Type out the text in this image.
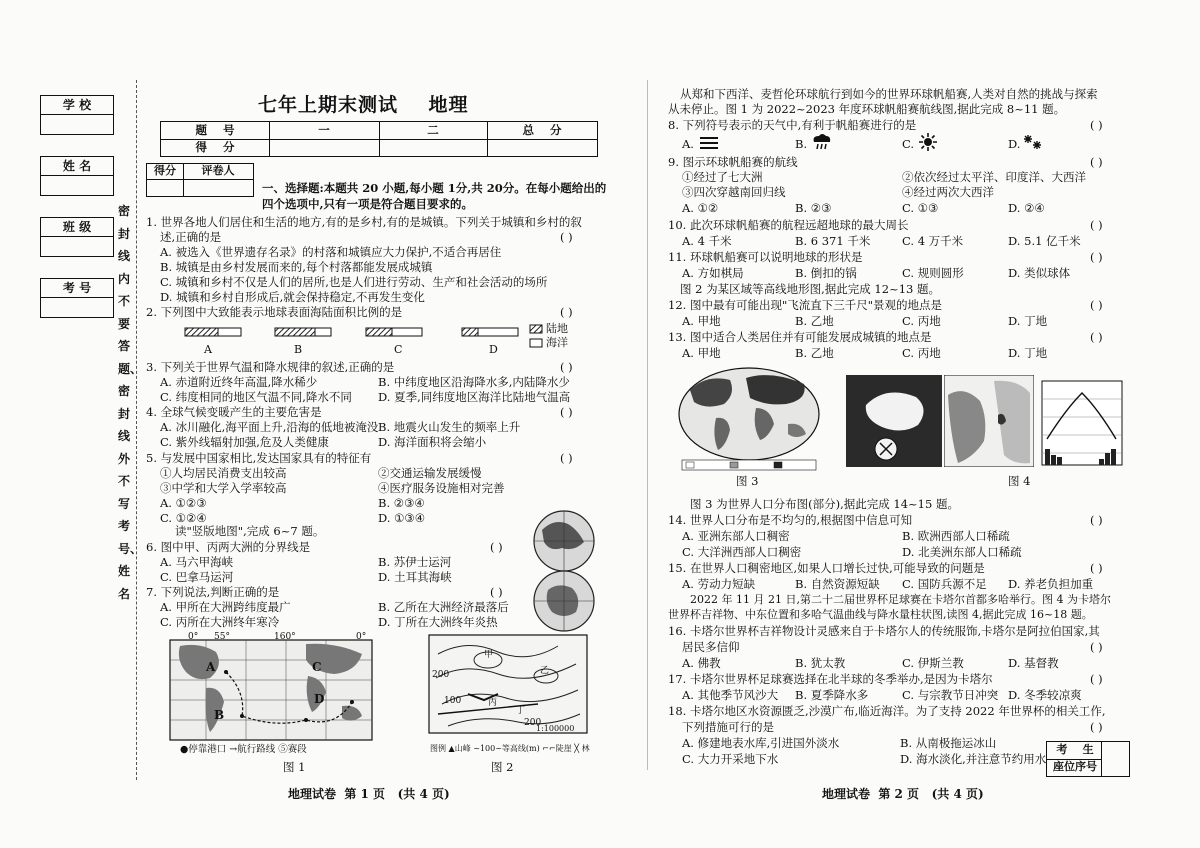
学 校
姓 名
班 级
考 号
密封线内不要答题、密封线外不写考号、姓名
七年上期末测试    地理
题    号	一	二	总    分
得    分
得分	评卷人
一、选择题:本题共 20 小题,每小题 1分,共 20分。在每小题给出的
四个选项中,只有一项是符合题目要求的。
1. 世界各地人们居住和生活的地方,有的是乡村,有的是城镇。下列关于城镇和乡村的叙
述,正确的是	( )
A. 被选入《世界遗存名录》的村落和城镇应大力保护,不适合再居住
B. 城镇是由乡村发展而来的,每个村落都能发展成城镇
C. 城镇和乡村不仅是人们的居所,也是人们进行劳动、生产和社会活动的场所
D. 城镇和乡村自形成后,就会保持稳定,不再发生变化
2. 下列图中大致能表示地球表面海陆面积比例的是	( )
A	B	C	D
陆地
海洋
3. 下列关于世界气温和降水规律的叙述,正确的是	( )
A. 赤道附近终年高温,降水稀少	B. 中纬度地区沿海降水多,内陆降水少
C. 纬度相同的地区气温不同,降水不同 D. 夏季,同纬度地区海洋比陆地气温高
4. 全球气候变暖产生的主要危害是	( )
A. 冰川融化,海平面上升,沿海的低地被淹没 B. 地震火山发生的频率上升
C. 紫外线辐射加强,危及人类健康	D. 海洋面积将会缩小
5. 与发展中国家相比,发达国家具有的特征有	( )
①人均居民消费支出较高	②交通运输发展缓慢
③中学和大学入学率较高	④医疗服务设施相对完善
A. ①②③	B. ②③④
C. ①②④	D. ①③④
读"竖版地图",完成 6~7 题。
6. 图中甲、丙两大洲的分界线是	( )
A. 马六甲海峡	B. 苏伊士运河
C. 巴拿马运河	D. 土耳其海峡
7. 下列说法,判断正确的是	( )
A. 甲所在大洲跨纬度最广	B. 乙所在大洲经济最落后
C. 丙所在大洲终年寒冷	D. 丁所在大洲终年炎热
0° 55°	160°	0°
A
B
C
D
●停靠港口 →航行路线 ⑤赛段
图 1
200
100
200
甲
乙
丙
丁
1:100000
图例 ▲山峰 ~100~等高线(m) ⌐⌐陡崖 ╳ 林
图 2
地理试卷  第 1 页   (共 4 页)
从郑和下西洋、麦哲伦环球航行到如今的世界环球帆船赛,人类对自然的挑战与探索
从未停止。图 1 为 2022~2023 年度环球帆船赛航线图,据此完成 8~11 题。
8. 下列符号表示的天气中,有利于帆船赛进行的是	( )
A.	B.	C.	D.
9. 图示环球帆船赛的航线	( )
①经过了七大洲	②依次经过太平洋、印度洋、大西洋
③四次穿越南回归线	④经过两次大西洋
A. ①②	B. ②③	C. ①③	D. ②④
10. 此次环球帆船赛的航程远超地球的最大周长	( )
A. 4 千米	B. 6 371 千米	C. 4 万千米	D. 5.1 亿千米
11. 环球帆船赛可以说明地球的形状是	( )
A. 方如棋局	B. 倒扣的锅	C. 规则圆形	D. 类似球体
图 2 为某区域等高线地形图,据此完成 12~13 题。
12. 图中最有可能出现"飞流直下三千尺"景观的地点是	( )
A. 甲地	B. 乙地	C. 丙地	D. 丁地
13. 图中适合人类居住并有可能发展成城镇的地点是	( )
A. 甲地	B. 乙地	C. 丙地	D. 丁地
图 3	图 4
图 3 为世界人口分布图(部分),据此完成 14~15 题。
14. 世界人口分布是不均匀的,根据图中信息可知	( )
A. 亚洲东部人口稠密	B. 欧洲西部人口稀疏
C. 大洋洲西部人口稠密	D. 北美洲东部人口稀疏
15. 在世界人口稠密地区,如果人口增长过快,可能导致的问题是	( )
A. 劳动力短缺	B. 自然资源短缺 C. 国防兵源不足 D. 养老负担加重
2022 年 11 月 21 日,第二十二届世界杯足球赛在卡塔尔首都多哈举行。图 4 为卡塔尔
世界杯吉祥物、中东位置和多哈气温曲线与降水量柱状图,读图 4,据此完成 16~18 题。
16. 卡塔尔世界杯吉祥物设计灵感来自于卡塔尔人的传统服饰,卡塔尔是阿拉伯国家,其
居民多信仰	( )
A. 佛教	B. 犹太教	C. 伊斯兰教	D. 基督教
17. 卡塔尔世界杯足球赛选择在北半球的冬季举办,是因为卡塔尔	( )
A. 其他季节风沙大 B. 夏季降水多	C. 与宗教节日冲突 D. 冬季较凉爽
18. 卡塔尔地区水资源匮乏,沙漠广布,临近海洋。为了支持 2022 年世界杯的相关工作,
下列措施可行的是	( )
A. 修建地表水库,引进国外淡水	B. 从南极拖运冰山
C. 大力开采地下水	D. 海水淡化,并注意节约用水
考    生
座位序号
地理试卷  第 2 页   (共 4 页)
